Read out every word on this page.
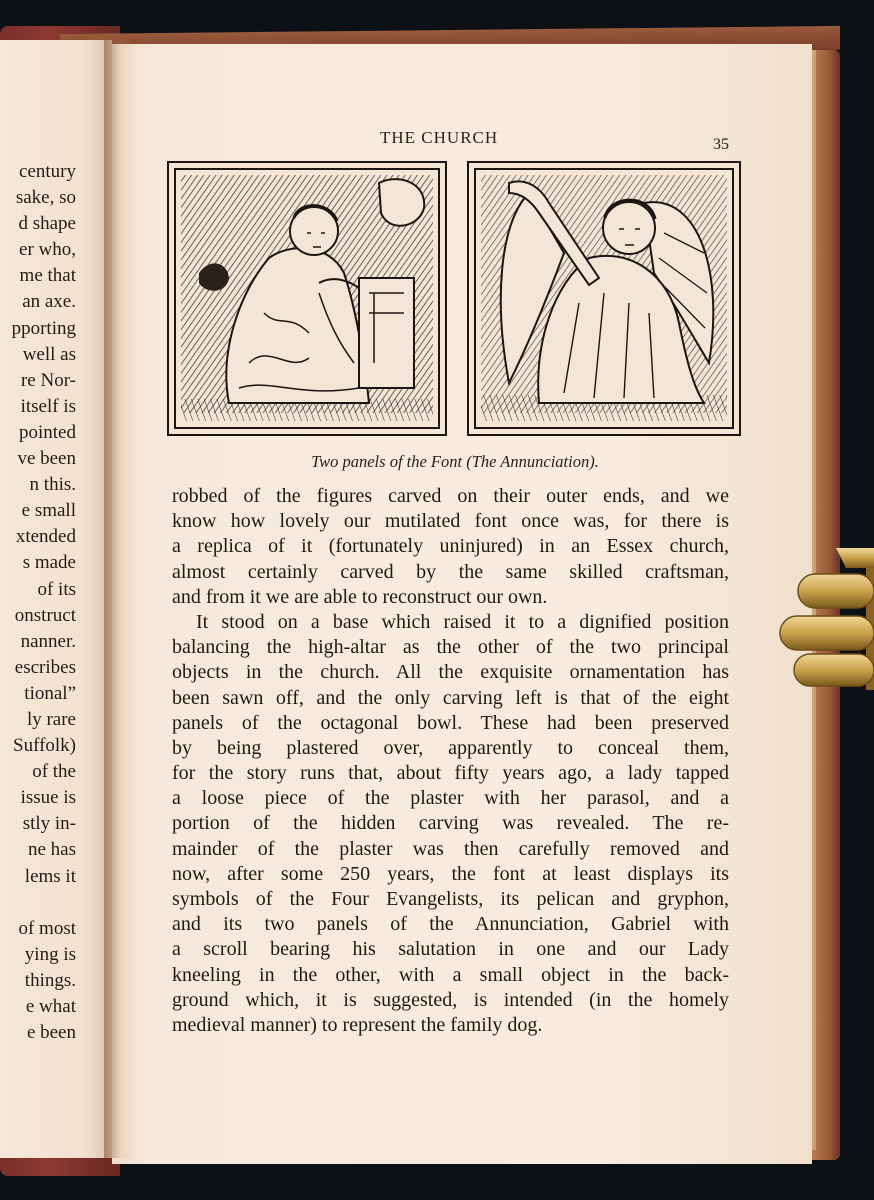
century
sake, so
d shape
er who,
me that
an axe.
pporting
well as
re Nor-
itself is
pointed
ve been
n this.
e small
xtended
s made
of its
onstruct
nanner.
escribes
tional”
ly rare
Suffolk)
of the
issue is
stly in-
ne has
lems it
of most
ying is
things.
e what
e been
THE CHURCH	35
Two panels of the Font (The Annunciation).
robbed of the figures carved on their outer ends, and we
know how lovely our mutilated font once was, for there is
a replica of it (fortunately uninjured) in an Essex church,
almost certainly carved by the same skilled craftsman,
and from it we are able to reconstruct our own.
It stood on a base which raised it to a dignified position
balancing the high-altar as the other of the two principal
objects in the church. All the exquisite ornamentation has
been sawn off, and the only carving left is that of the eight
panels of the octagonal bowl. These had been preserved
by being plastered over, apparently to conceal them,
for the story runs that, about fifty years ago, a lady tapped
a loose piece of the plaster with her parasol, and a
portion of the hidden carving was revealed. The re-
mainder of the plaster was then carefully removed and
now, after some 250 years, the font at least displays its
symbols of the Four Evangelists, its pelican and gryphon,
and its two panels of the Annunciation, Gabriel with
a scroll bearing his salutation in one and our Lady
kneeling in the other, with a small object in the back-
ground which, it is suggested, is intended (in the homely
medieval manner) to represent the family dog.
